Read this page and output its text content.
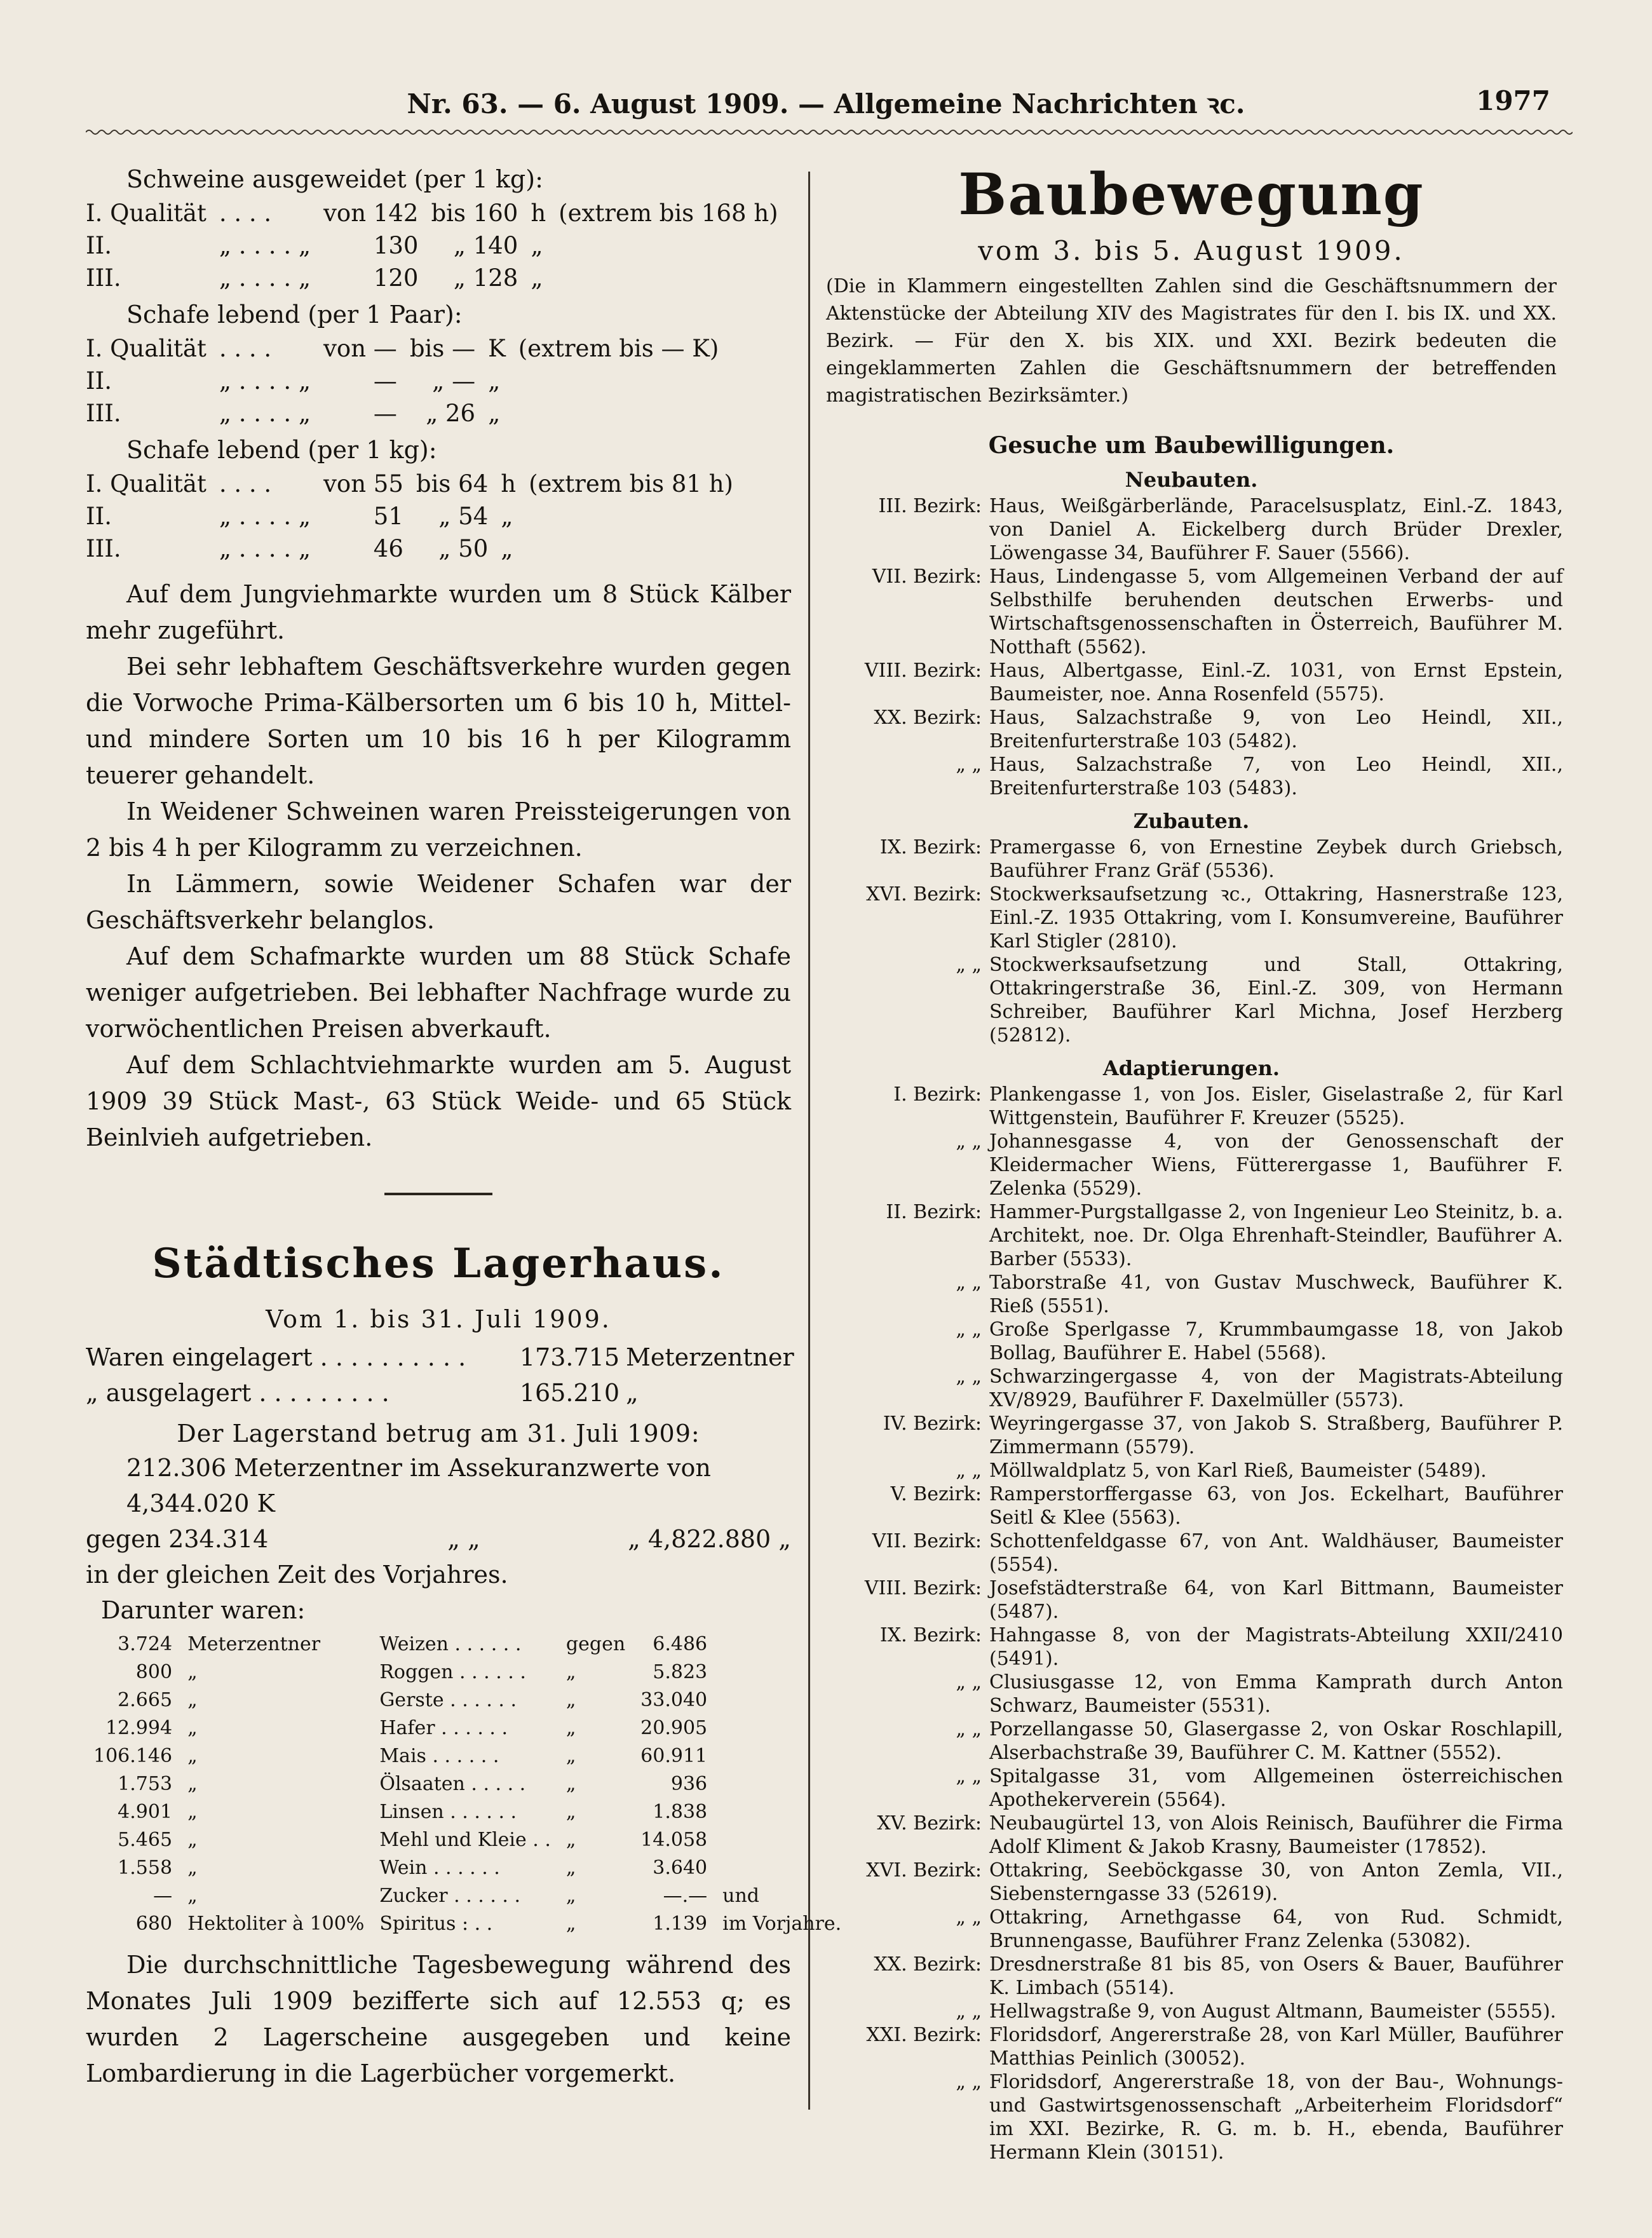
Nr. 63. — 6. August 1909. — Allgemeine Nachrichten ꝛc.	1977

Schweine ausgeweidet (per 1 kg):

I. Qualität	. . . .	von 142	bis 160	h	(extrem bis 168 h)
II.	„ . . . . „	130	„ 140	„	
III.	„ . . . . „	120	„ 128	„	

Schafe lebend (per 1 Paar):

I. Qualität	. . . .	von —	bis —	K	(extrem bis — K)
II.	„ . . . . „	—	„ —	„	
III.	„ . . . . „	—	„ 26	„	

Schafe lebend (per 1 kg):

I. Qualität	. . . .	von 55	bis 64	h	(extrem bis 81 h)
II.	„ . . . . „	51	„ 54	„	
III.	„ . . . . „	46	„ 50	„	

Auf dem Jungviehmarkte wurden um 8 Stück Kälber mehr zugeführt.

Bei sehr lebhaftem Geschäftsverkehre wurden gegen die Vorwoche Prima-Kälbersorten um 6 bis 10 h, Mittel- und mindere Sorten um 10 bis 16 h per Kilogramm teuerer gehandelt.

In Weidener Schweinen waren Preissteigerungen von 2 bis 4 h per Kilogramm zu verzeichnen.

In Lämmern, sowie Weidener Schafen war der Geschäftsverkehr belanglos.

Auf dem Schafmarkte wurden um 88 Stück Schafe weniger aufgetrieben. Bei lebhafter Nachfrage wurde zu vorwöchentlichen Preisen abverkauft.

Auf dem Schlachtviehmarkte wurden am 5. August 1909 39 Stück Mast-, 63 Stück Weide- und 65 Stück Beinlvieh aufgetrieben.

Städtisches Lagerhaus.
Vom 1. bis 31. Juli 1909.
Waren eingelagert . . . . . . . . . .	173.715 Meterzentner
„ ausgelagert . . . . . . . . .	165.210 „
Der Lagerstand betrug am 31. Juli 1909:
212.306 Meterzentner im Assekuranzwerte von 4,344.020 K
gegen 234.314	„ „	„ 4,822.880 „
in der gleichen Zeit des Vorjahres.
Darunter waren:
3.724	Meterzentner	Weizen . . . . . .	gegen	6.486	
800	„	Roggen . . . . . .	„	5.823	
2.665	„	Gerste . . . . . .	„	33.040	
12.994	„	Hafer . . . . . .	„	20.905	
106.146	„	Mais . . . . . .	„	60.911	
1.753	„	Ölsaaten . . . . .	„	936	
4.901	„	Linsen . . . . . .	„	1.838	
5.465	„	Mehl und Kleie . .	„	14.058	
1.558	„	Wein . . . . . .	„	3.640	
—	„	Zucker . . . . . .	„	—.—	und
680	Hektoliter à 100%	Spiritus : . .	„	1.139	im Vorjahre.

Die durchschnittliche Tagesbewegung während des Monates Juli 1909 bezifferte sich auf 12.553 q; es wurden 2 Lagerscheine ausgegeben und keine Lombardierung in die Lagerbücher vorgemerkt.

Baubewegung
vom 3. bis 5. August 1909.

(Die in Klammern eingestellten Zahlen sind die Geschäftsnummern der Aktenstücke der Abteilung XIV des Magistrates für den I. bis IX. und XX. Bezirk. — Für den X. bis XIX. und XXI. Bezirk bedeuten die eingeklammerten Zahlen die Geschäftsnummern der betreffenden magistratischen Bezirksämter.)

Gesuche um Baubewilligungen.
Neubauten.
III. Bezirk: Haus, Weißgärberlände, Paracelsusplatz, Einl.-Z. 1843, von Daniel A. Eickelberg durch Brüder Drexler, Löwengasse 34, Bauführer F. Sauer (5566).
VII. Bezirk: Haus, Lindengasse 5, vom Allgemeinen Verband der auf Selbsthilfe beruhenden deutschen Erwerbs- und Wirtschaftsgenossenschaften in Österreich, Bauführer M. Notthaft (5562).
VIII. Bezirk: Haus, Albertgasse, Einl.-Z. 1031, von Ernst Epstein, Baumeister, noe. Anna Rosenfeld (5575).
XX. Bezirk: Haus, Salzachstraße 9, von Leo Heindl, XII., Breitenfurterstraße 103 (5482).
„ „ Haus, Salzachstraße 7, von Leo Heindl, XII., Breitenfurterstraße 103 (5483).
Zubauten.
IX. Bezirk: Pramergasse 6, von Ernestine Zeybek durch Griebsch, Bauführer Franz Gräf (5536).
XVI. Bezirk: Stockwerksaufsetzung ꝛc., Ottakring, Hasnerstraße 123, Einl.-Z. 1935 Ottakring, vom I. Konsumvereine, Bauführer Karl Stigler (2810).
„ „ Stockwerksaufsetzung und Stall, Ottakring, Ottakringerstraße 36, Einl.-Z. 309, von Hermann Schreiber, Bauführer Karl Michna, Josef Herzberg (52812).
Adaptierungen.
I. Bezirk: Plankengasse 1, von Jos. Eisler, Giselastraße 2, für Karl Wittgenstein, Bauführer F. Kreuzer (5525).
„ „ Johannesgasse 4, von der Genossenschaft der Kleidermacher Wiens, Fütterergasse 1, Bauführer F. Zelenka (5529).
II. Bezirk: Hammer-Purgstallgasse 2, von Ingenieur Leo Steinitz, b. a. Architekt, noe. Dr. Olga Ehrenhaft-Steindler, Bauführer A. Barber (5533).
„ „ Taborstraße 41, von Gustav Muschweck, Bauführer K. Rieß (5551).
„ „ Große Sperlgasse 7, Krummbaumgasse 18, von Jakob Bollag, Bauführer E. Habel (5568).
„ „ Schwarzingergasse 4, von der Magistrats-Abteilung XV/8929, Bauführer F. Daxelmüller (5573).
IV. Bezirk: Weyringergasse 37, von Jakob S. Straßberg, Bauführer P. Zimmermann (5579).
„ „ Möllwaldplatz 5, von Karl Rieß, Baumeister (5489).
V. Bezirk: Ramperstorffergasse 63, von Jos. Eckelhart, Bauführer Seitl & Klee (5563).
VII. Bezirk: Schottenfeldgasse 67, von Ant. Waldhäuser, Baumeister (5554).
VIII. Bezirk: Josefstädterstraße 64, von Karl Bittmann, Baumeister (5487).
IX. Bezirk: Hahngasse 8, von der Magistrats-Abteilung XXII/2410 (5491).
„ „ Clusiusgasse 12, von Emma Kamprath durch Anton Schwarz, Baumeister (5531).
„ „ Porzellangasse 50, Glasergasse 2, von Oskar Roschlapill, Alserbachstraße 39, Bauführer C. M. Kattner (5552).
„ „ Spitalgasse 31, vom Allgemeinen österreichischen Apothekerverein (5564).
XV. Bezirk: Neubaugürtel 13, von Alois Reinisch, Bauführer die Firma Adolf Kliment & Jakob Krasny, Baumeister (17852).
XVI. Bezirk: Ottakring, Seeböckgasse 30, von Anton Zemla, VII., Siebensterngasse 33 (52619).
„ „ Ottakring, Arnethgasse 64, von Rud. Schmidt, Brunnengasse, Bauführer Franz Zelenka (53082).
XX. Bezirk: Dresdnerstraße 81 bis 85, von Osers & Bauer, Bauführer K. Limbach (5514).
„ „ Hellwagstraße 9, von August Altmann, Baumeister (5555).
XXI. Bezirk: Floridsdorf, Angererstraße 28, von Karl Müller, Bauführer Matthias Peinlich (30052).
„ „ Floridsdorf, Angererstraße 18, von der Bau-, Wohnungs- und Gastwirtsgenossenschaft „Arbeiterheim Floridsdorf“ im XXI. Bezirke, R. G. m. b. H., ebenda, Bauführer Hermann Klein (30151).
